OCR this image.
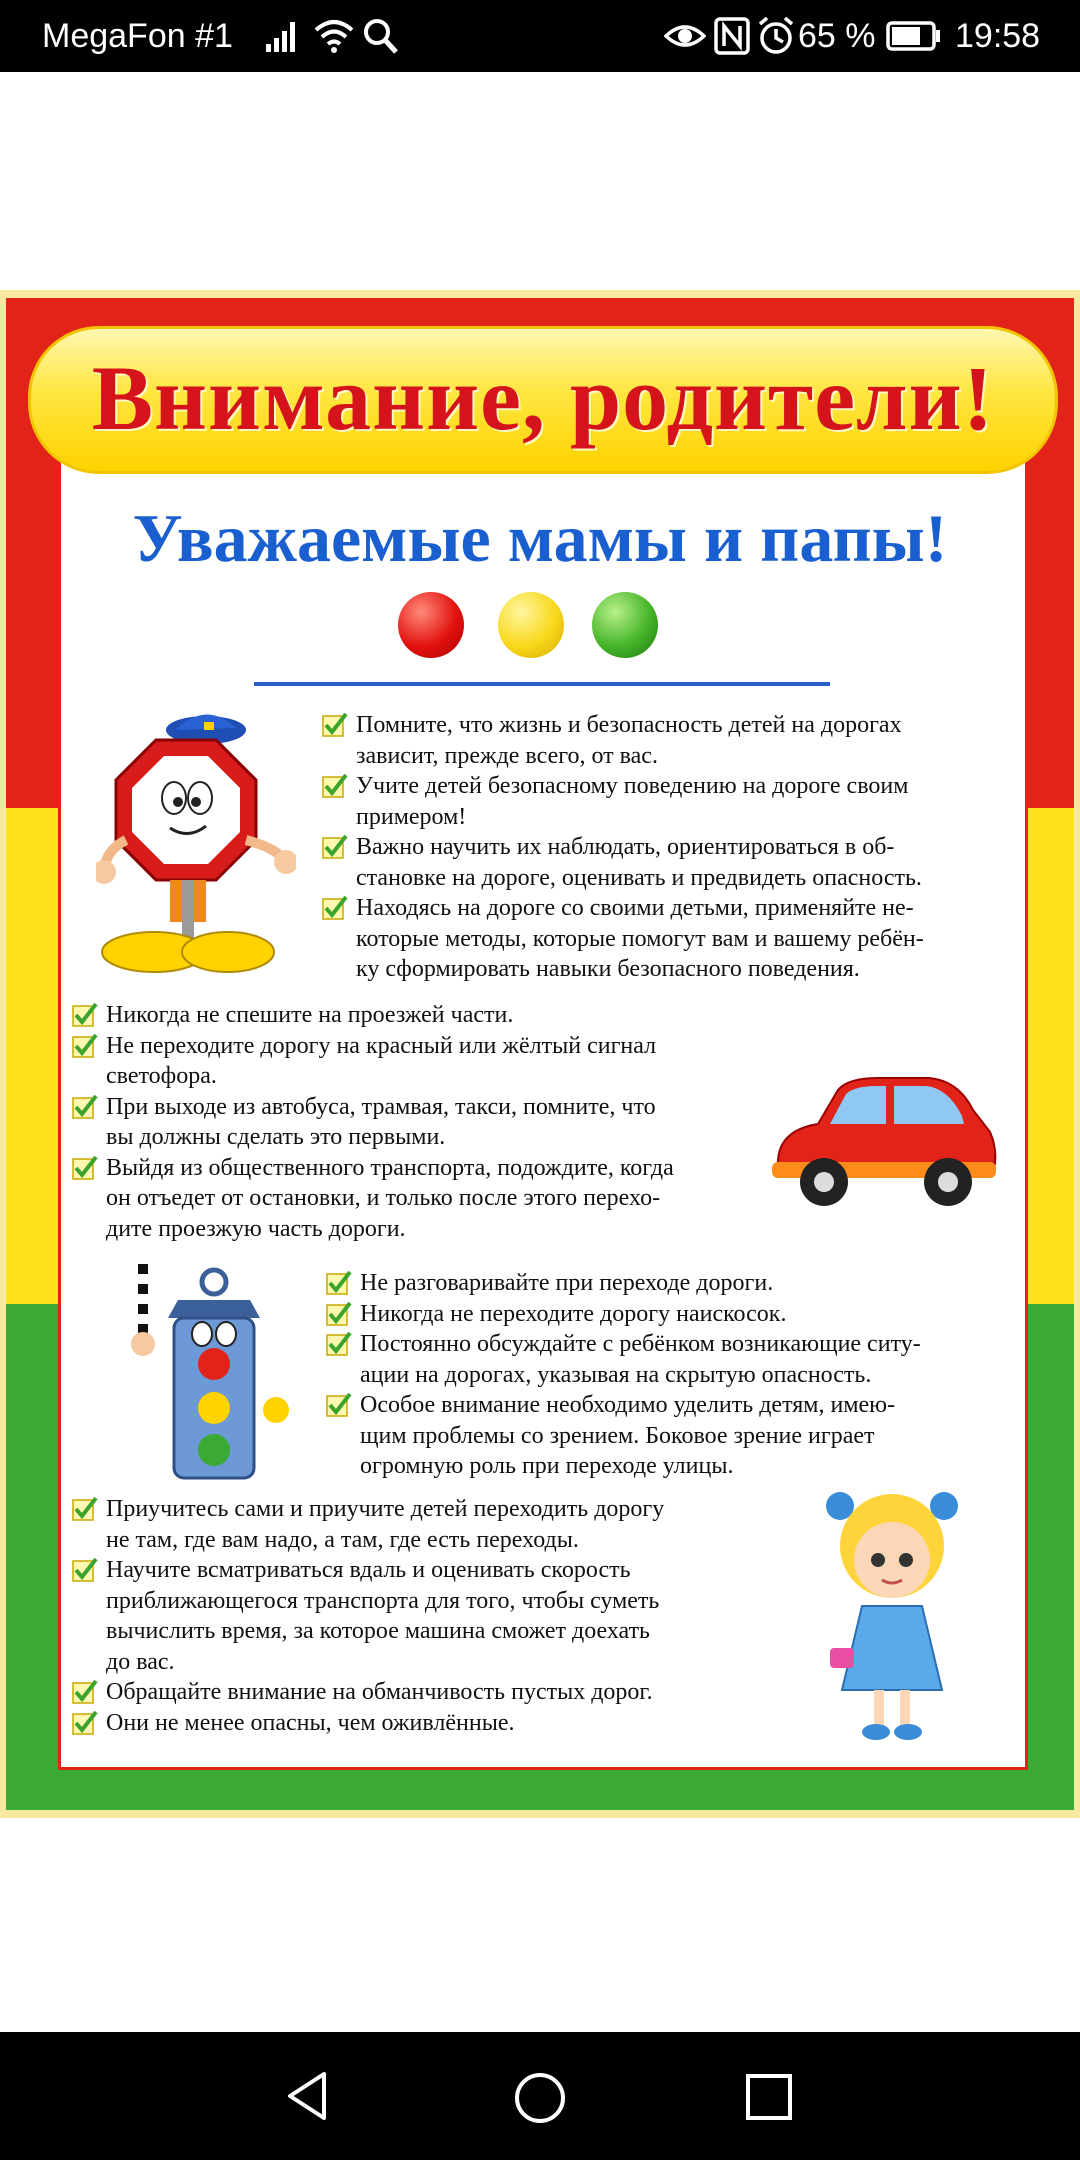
MegaFon #1	65 % 19:58
Внимание, родители!
Уважаемые мамы и папы!
Помните, что жизнь и безопасность детей на дорогах
зависит, прежде всего, от вас.
Учите детей безопасному поведению на дороге своим
примером!
Важно научить их наблюдать, ориентироваться в об-
становке на дороге, оценивать и предвидеть опасность.
Находясь на дороге со своими детьми, применяйте не-
которые методы, которые помогут вам и вашему ребён-
ку сформировать навыки безопасного поведения.
Никогда не спешите на проезжей части.
Не переходите дорогу на красный или жёлтый сигнал
светофора.
При выходе из автобуса, трамвая, такси, помните, что
вы должны сделать это первыми.
Выйдя из общественного транспорта, подождите, когда
он отъедет от остановки, и только после этого перехо-
дите проезжую часть дороги.
Не разговаривайте при переходе дороги.
Никогда не переходите дорогу наискосок.
Постоянно обсуждайте с ребёнком возникающие ситу-
ации на дорогах, указывая на скрытую опасность.
Особое внимание необходимо уделить детям, имею-
щим проблемы со зрением. Боковое зрение играет
огромную роль при переходе улицы.
Приучитесь сами и приучите детей переходить дорогу
не там, где вам надо, а там, где есть переходы.
Научите всматриваться вдаль и оценивать скорость
приближающегося транспорта для того, чтобы суметь
вычислить время, за которое машина сможет доехать
до вас.
Обращайте внимание на обманчивость пустых дорог.
Они не менее опасны, чем оживлённые.
